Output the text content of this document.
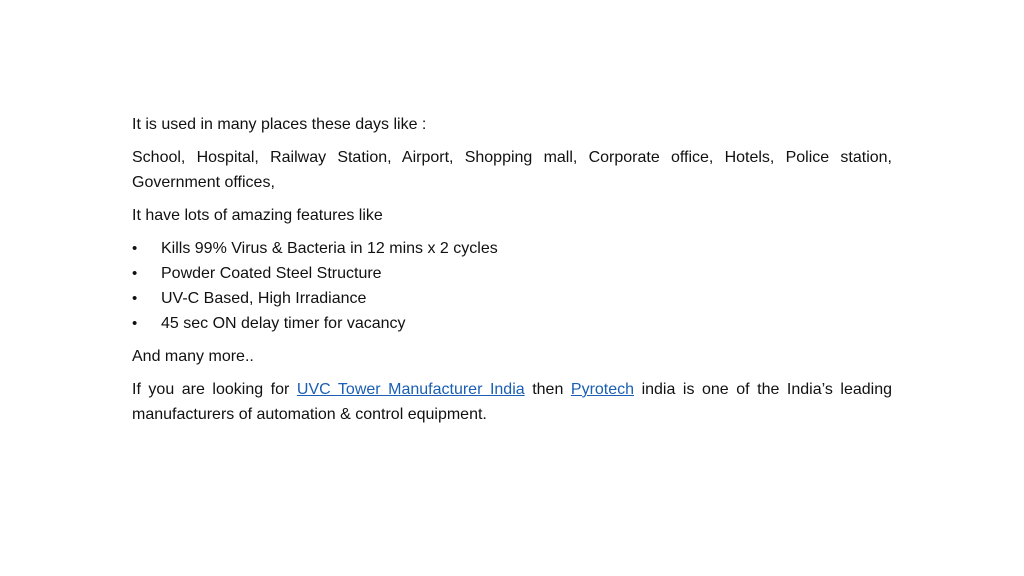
It is used in many places these days like :

School, Hospital, Railway Station, Airport, Shopping mall, Corporate office, Hotels, Police station, Government offices,

It have lots of amazing features like

• Kills 99% Virus & Bacteria in 12 mins x 2 cycles
• Powder Coated Steel Structure
• UV-C Based, High Irradiance
• 45 sec ON delay timer for vacancy

And many more..

If you are looking for UVC Tower Manufacturer India then Pyrotech india is one of the India’s leading manufacturers of automation & control equipment.
